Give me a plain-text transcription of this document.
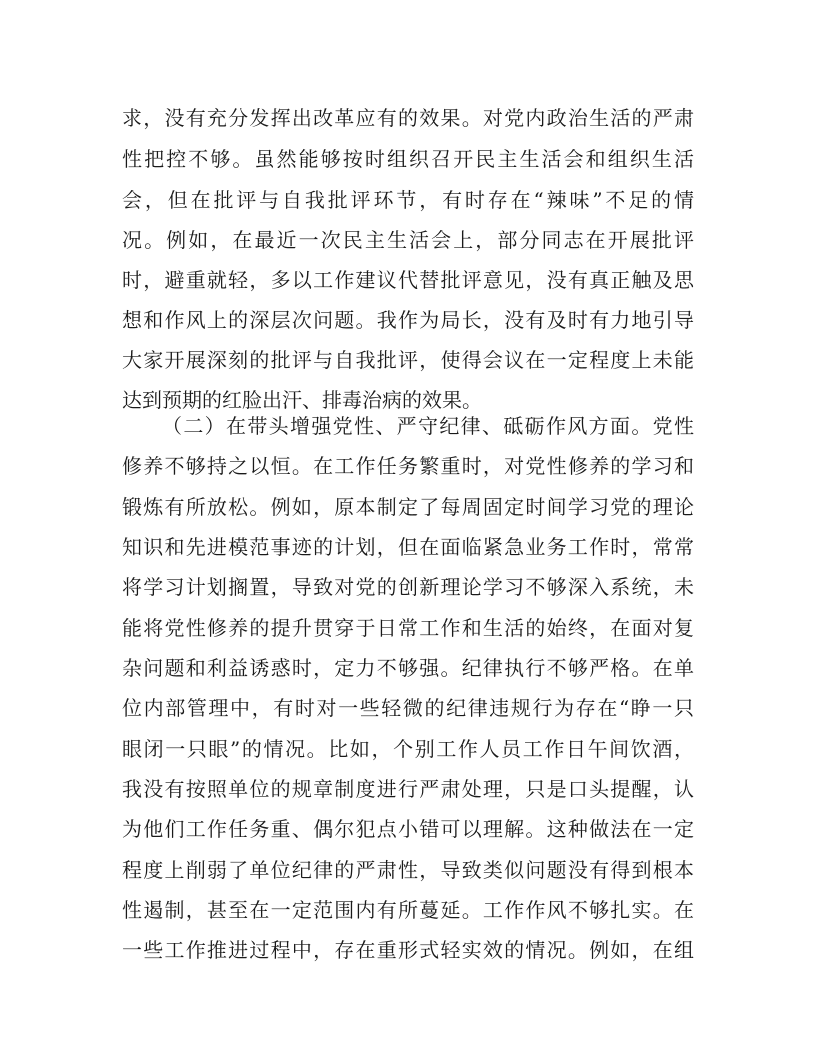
求，没有充分发挥出改革应有的效果。对党内政治生活的严肃
性把控不够。虽然能够按时组织召开民主生活会和组织生活
会，但在批评与自我批评环节，有时存在“辣味”不足的情
况。例如，在最近一次民主生活会上，部分同志在开展批评
时，避重就轻，多以工作建议代替批评意见，没有真正触及思
想和作风上的深层次问题。我作为局长，没有及时有力地引导
大家开展深刻的批评与自我批评，使得会议在一定程度上未能
达到预期的红脸出汗、排毒治病的效果。
（二）在带头增强党性、严守纪律、砥砺作风方面。党性
修养不够持之以恒。在工作任务繁重时，对党性修养的学习和
锻炼有所放松。例如，原本制定了每周固定时间学习党的理论
知识和先进模范事迹的计划，但在面临紧急业务工作时，常常
将学习计划搁置，导致对党的创新理论学习不够深入系统，未
能将党性修养的提升贯穿于日常工作和生活的始终，在面对复
杂问题和利益诱惑时，定力不够强。纪律执行不够严格。在单
位内部管理中，有时对一些轻微的纪律违规行为存在“睁一只
眼闭一只眼”的情况。比如，个别工作人员工作日午间饮酒，
我没有按照单位的规章制度进行严肃处理，只是口头提醒，认
为他们工作任务重、偶尔犯点小错可以理解。这种做法在一定
程度上削弱了单位纪律的严肃性，导致类似问题没有得到根本
性遏制，甚至在一定范围内有所蔓延。工作作风不够扎实。在
一些工作推进过程中，存在重形式轻实效的情况。例如，在组
